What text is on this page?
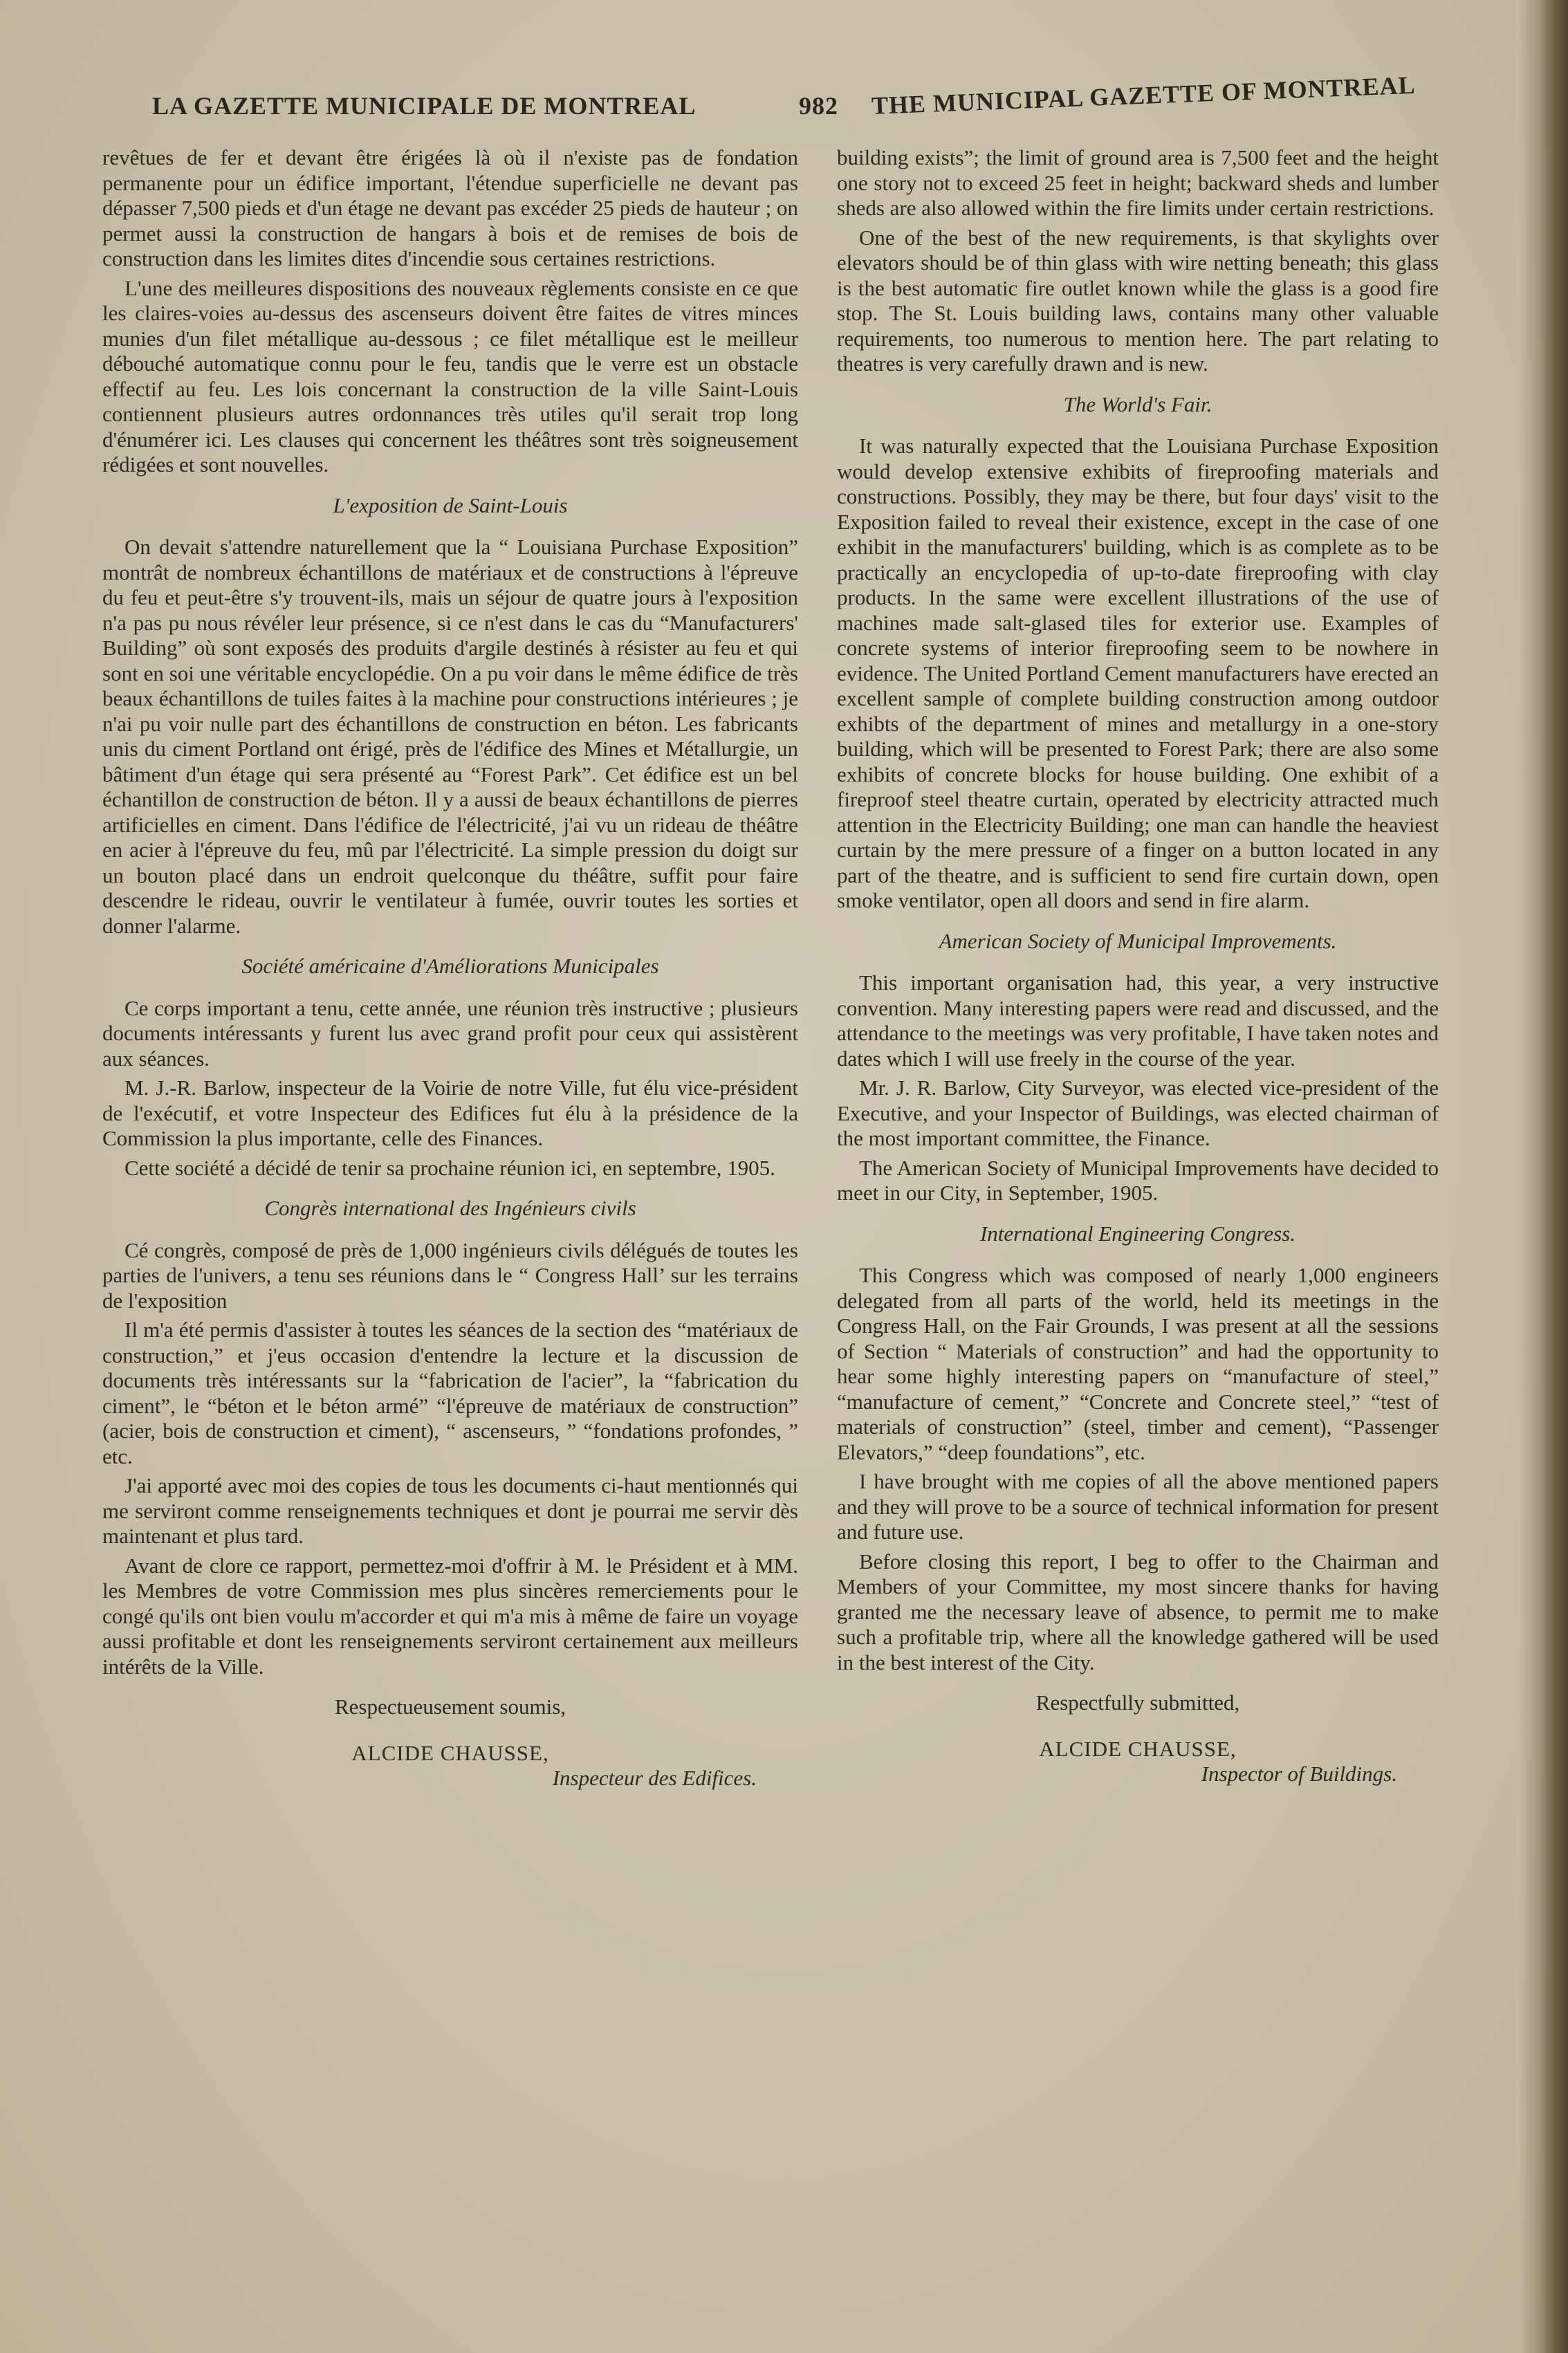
LA GAZETTE MUNICIPALE DE MONTREAL	982 THE MUNICIPAL GAZETTE OF MONTREAL

revêtues de fer et devant être érigées là où il n'existe pas de fondation permanente pour un édifice important, l'étendue superficielle ne devant pas dépasser 7,500 pieds et d'un étage ne devant pas excéder 25 pieds de hauteur ; on permet aussi la construction de hangars à bois et de remises de bois de construction dans les limites dites d'incendie sous certaines restrictions.

L'une des meilleures dispositions des nouveaux règlements consiste en ce que les claires-voies au-dessus des ascenseurs doivent être faites de vitres minces munies d'un filet métallique au-dessous ; ce filet métallique est le meilleur débouché automatique connu pour le feu, tandis que le verre est un obstacle effectif au feu. Les lois concernant la construction de la ville Saint-Louis contiennent plusieurs autres ordonnances très utiles qu'il serait trop long d'énumérer ici. Les clauses qui concernent les théâtres sont très soigneusement rédigées et sont nouvelles.

L'exposition de Saint-Louis

On devait s'attendre naturellement que la “ Louisiana Purchase Exposition” montrât de nombreux échantillons de matériaux et de constructions à l'épreuve du feu et peut-être s'y trouvent-ils, mais un séjour de quatre jours à l'exposition n'a pas pu nous révéler leur présence, si ce n'est dans le cas du “Manufacturers' Building” où sont exposés des produits d'argile destinés à résister au feu et qui sont en soi une véritable encyclopédie. On a pu voir dans le même édifice de très beaux échantillons de tuiles faites à la machine pour constructions intérieures ; je n'ai pu voir nulle part des échantillons de construction en béton. Les fabricants unis du ciment Portland ont érigé, près de l'édifice des Mines et Métallurgie, un bâtiment d'un étage qui sera présenté au “Forest Park”. Cet édifice est un bel échantillon de construction de béton. Il y a aussi de beaux échantillons de pierres artificielles en ciment. Dans l'édifice de l'électricité, j'ai vu un rideau de théâtre en acier à l'épreuve du feu, mû par l'électricité. La simple pression du doigt sur un bouton placé dans un endroit quelconque du théâtre, suffit pour faire descendre le rideau, ouvrir le ventilateur à fumée, ouvrir toutes les sorties et donner l'alarme.

Société américaine d'Améliorations Municipales

Ce corps important a tenu, cette année, une réunion très instructive ; plusieurs documents intéressants y furent lus avec grand profit pour ceux qui assistèrent aux séances.

M. J.-R. Barlow, inspecteur de la Voirie de notre Ville, fut élu vice-président de l'exécutif, et votre Inspecteur des Edifices fut élu à la présidence de la Commission la plus importante, celle des Finances.

Cette société a décidé de tenir sa prochaine réunion ici, en septembre, 1905.

Congrès international des Ingénieurs civils

Cé congrès, composé de près de 1,000 ingénieurs civils délégués de toutes les parties de l'univers, a tenu ses réunions dans le “ Congress Hall’ sur les terrains de l'exposition

Il m'a été permis d'assister à toutes les séances de la section des “matériaux de construction,” et j'eus occasion d'entendre la lecture et la discussion de documents très intéressants sur la “fabrication de l'acier”, la “fabrication du ciment”, le “béton et le béton armé” “l'épreuve de matériaux de construction” (acier, bois de construction et ciment), “ ascenseurs, ” “fondations profondes, ” etc.

J'ai apporté avec moi des copies de tous les documents ci-haut mentionnés qui me serviront comme renseignements techniques et dont je pourrai me servir dès maintenant et plus tard.

Avant de clore ce rapport, permettez-moi d'offrir à M. le Président et à MM. les Membres de votre Commission mes plus sincères remerciements pour le congé qu'ils ont bien voulu m'accorder et qui m'a mis à même de faire un voyage aussi profitable et dont les renseignements serviront certainement aux meilleurs intérêts de la Ville.

Respectueusement soumis,
ALCIDE CHAUSSE,
Inspecteur des Edifices.

building exists”; the limit of ground area is 7,500 feet and the height one story not to exceed 25 feet in height; backward sheds and lumber sheds are also allowed within the fire limits under certain restrictions.

One of the best of the new requirements, is that skylights over elevators should be of thin glass with wire netting beneath; this glass is the best automatic fire outlet known while the glass is a good fire stop. The St. Louis building laws, contains many other valuable requirements, too numerous to mention here. The part relating to theatres is very carefully drawn and is new.

The World's Fair.

It was naturally expected that the Louisiana Purchase Exposition would develop extensive exhibits of fireproofing materials and constructions. Possibly, they may be there, but four days' visit to the Exposition failed to reveal their existence, except in the case of one exhibit in the manufacturers' building, which is as complete as to be practically an encyclopedia of up-to-date fireproofing with clay products. In the same were excellent illustrations of the use of machines made salt-glased tiles for exterior use. Examples of concrete systems of interior fireproofing seem to be nowhere in evidence. The United Portland Cement manufacturers have erected an excellent sample of complete building construction among outdoor exhibts of the department of mines and metallurgy in a one-story building, which will be presented to Forest Park; there are also some exhibits of concrete blocks for house building. One exhibit of a fireproof steel theatre curtain, operated by electricity attracted much attention in the Electricity Building; one man can handle the heaviest curtain by the mere pressure of a finger on a button located in any part of the theatre, and is sufficient to send fire curtain down, open smoke ventilator, open all doors and send in fire alarm.

American Society of Municipal Improvements.

This important organisation had, this year, a very instructive convention. Many interesting papers were read and discussed, and the attendance to the meetings was very profitable, I have taken notes and dates which I will use freely in the course of the year.

Mr. J. R. Barlow, City Surveyor, was elected vice-president of the Executive, and your Inspector of Buildings, was elected chairman of the most important committee, the Finance.

The American Society of Municipal Improvements have decided to meet in our City, in September, 1905.

International Engineering Congress.

This Congress which was composed of nearly 1,000 engineers delegated from all parts of the world, held its meetings in the Congress Hall, on the Fair Grounds, I was present at all the sessions of Section “ Materials of construction” and had the opportunity to hear some highly interesting papers on “manufacture of steel,” “manufacture of cement,” “Concrete and Concrete steel,” “test of materials of construction” (steel, timber and cement), “Passenger Elevators,” “deep foundations”, etc.

I have brought with me copies of all the above mentioned papers and they will prove to be a source of technical information for present and future use.

Before closing this report, I beg to offer to the Chairman and Members of your Committee, my most sincere thanks for having granted me the necessary leave of absence, to permit me to make such a profitable trip, where all the knowledge gathered will be used in the best interest of the City.

Respectfully submitted,
ALCIDE CHAUSSE,
Inspector of Buildings.
